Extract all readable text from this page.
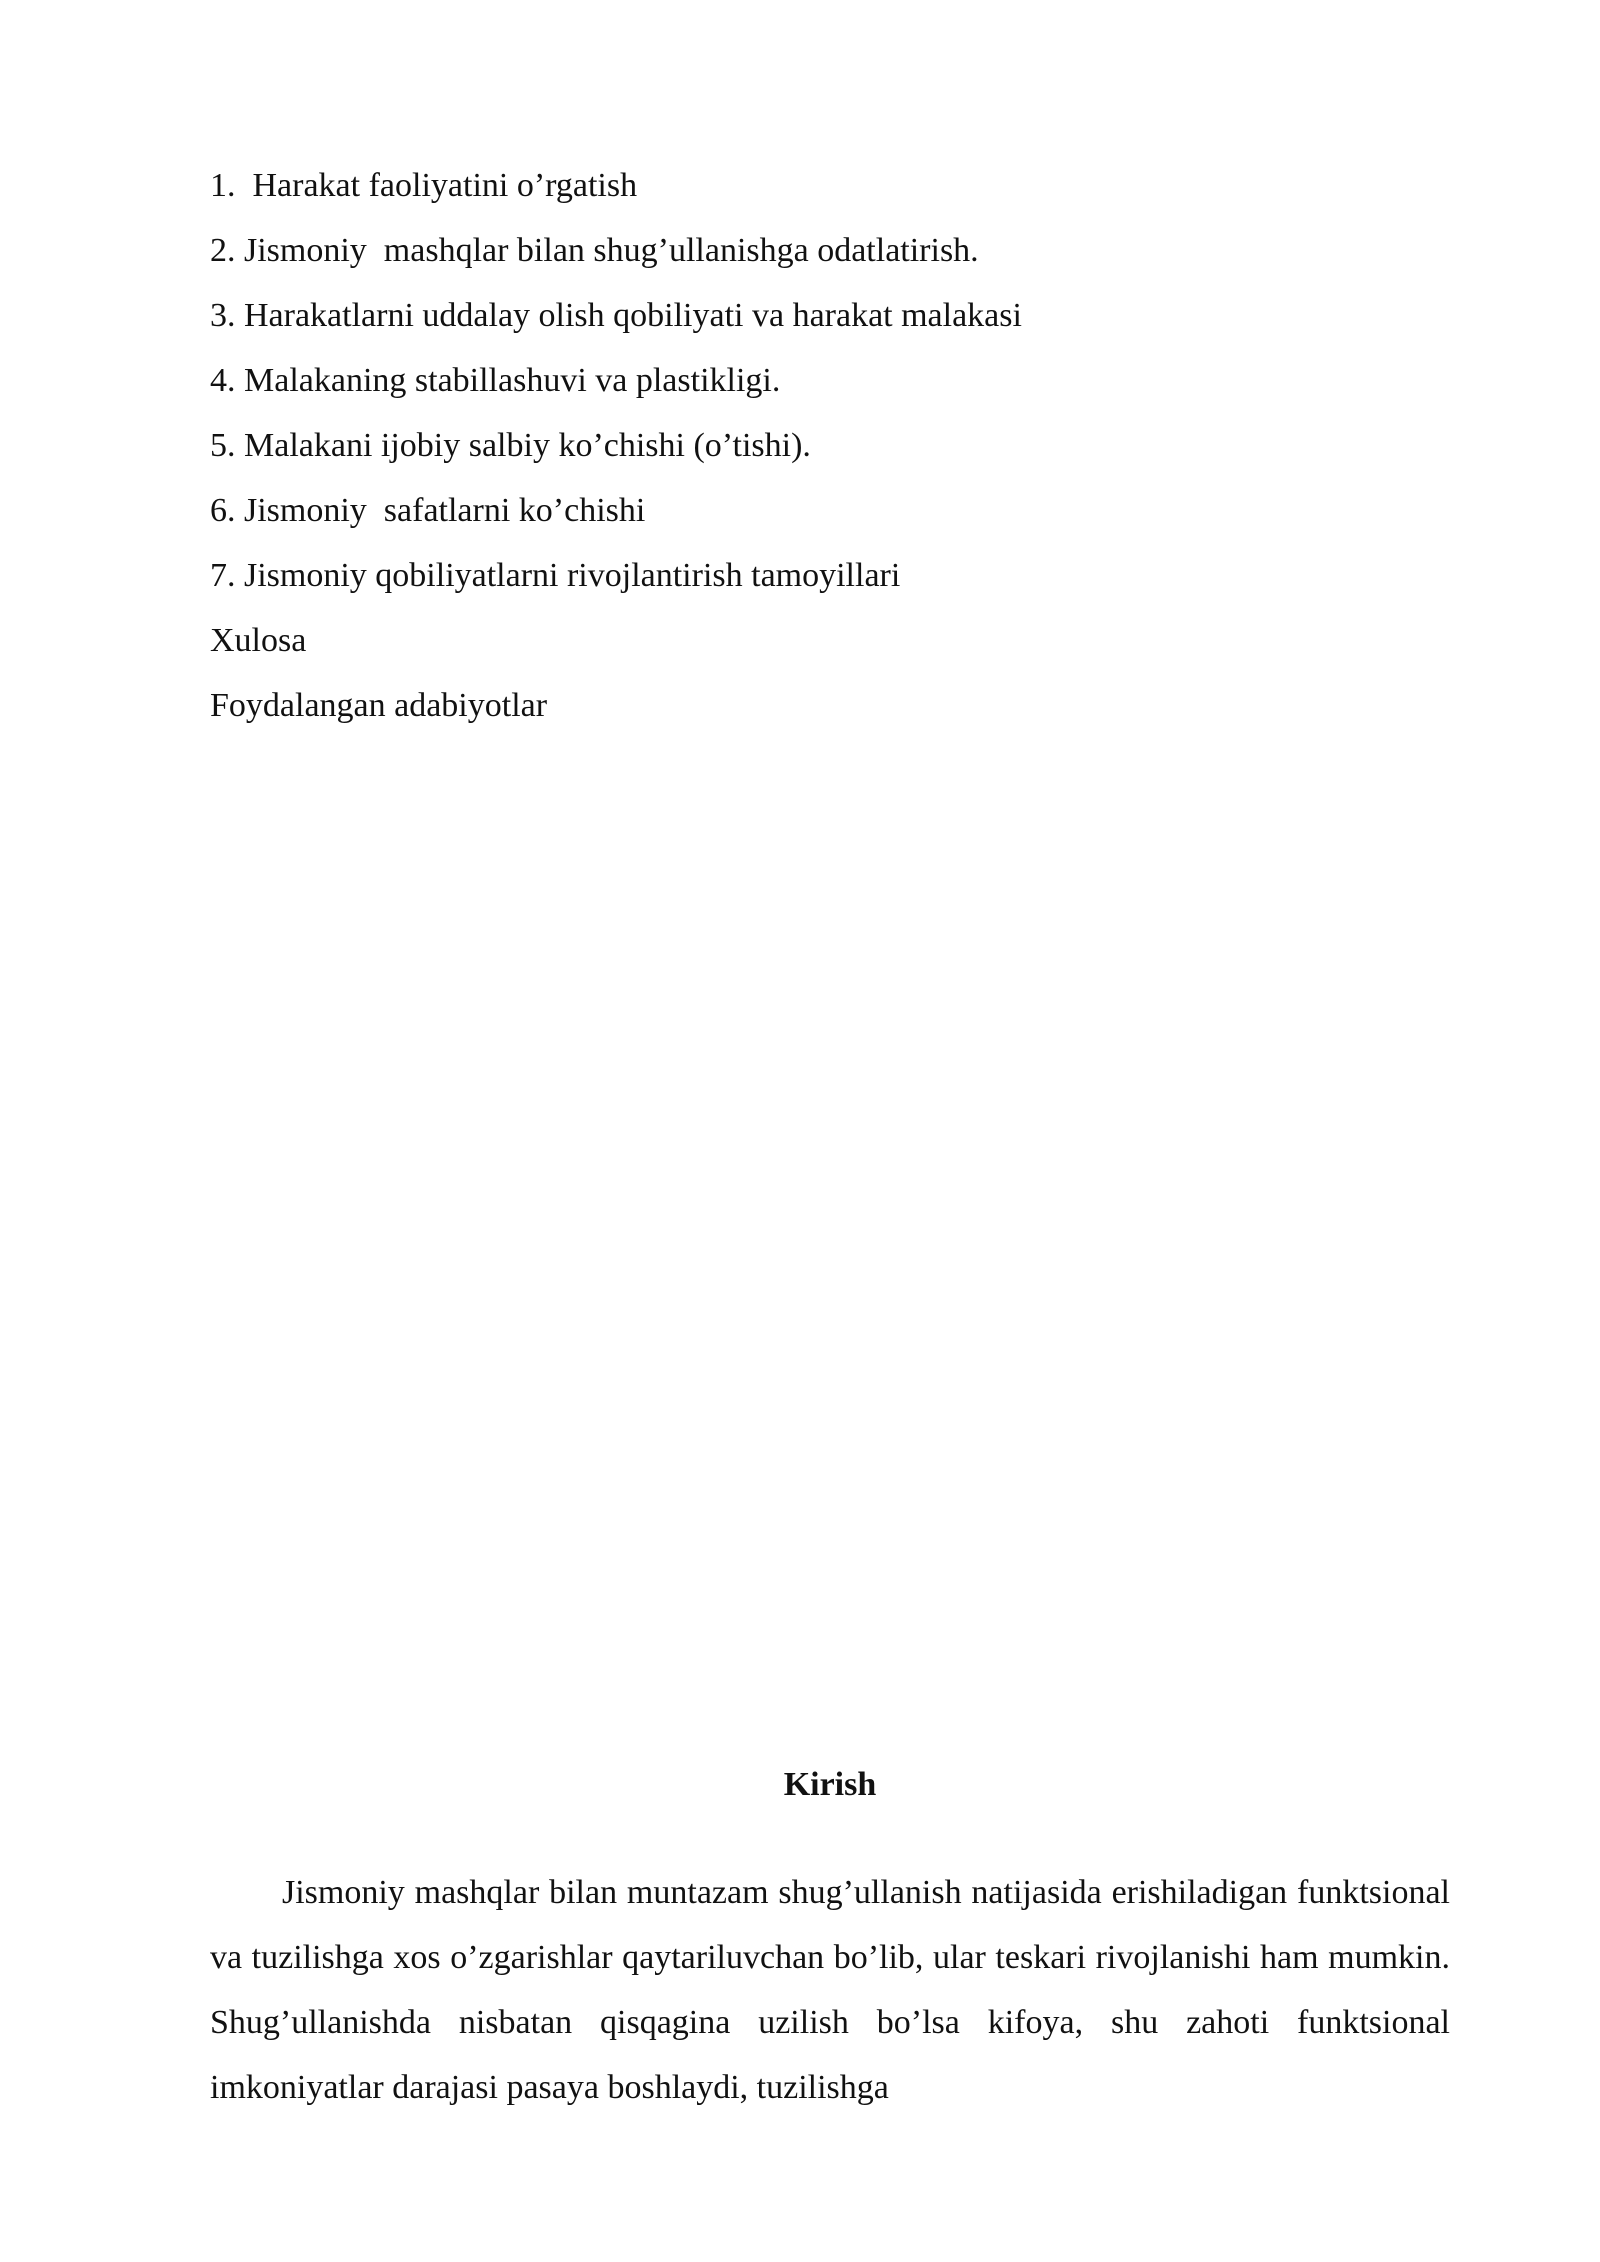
1.  Harakat faoliyatini o’rgatish
2. Jismoniy  mashqlar bilan shug’ullanishga odatlatirish.
3. Harakatlarni uddalay olish qobiliyati va harakat malakasi
4. Malakaning stabillashuvi va plastikligi.
5. Malakani ijobiy salbiy ko’chishi (o’tishi).
6. Jismoniy  safatlarni ko’chishi
7. Jismoniy qobiliyatlarni rivojlantirish tamoyillari
Xulosa
Foydalangan adabiyotlar
Kirish

Jismoniy mashqlar bilan muntazam shug’ullanish natijasida erishiladigan funktsional va tuzilishga xos o’zgarishlar qaytariluvchan bo’lib, ular teskari rivojlanishi ham mumkin. Shug’ullanishda nisbatan qisqagina uzilish bo’lsa kifoya, shu zahoti funktsional imkoniyatlar darajasi pasaya boshlaydi, tuzilishga
